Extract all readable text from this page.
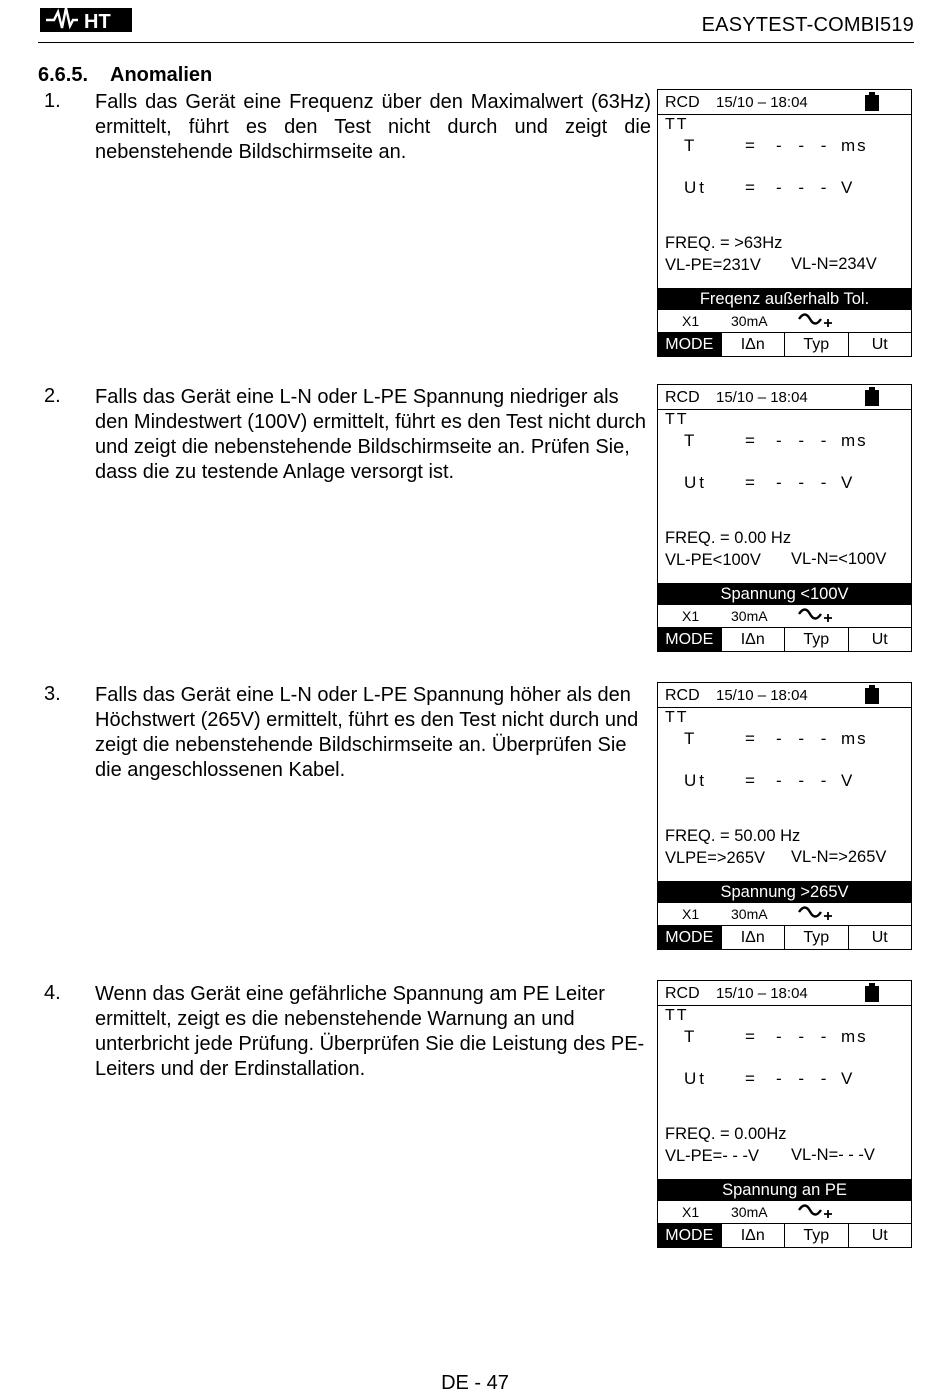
HT	EASYTEST-COMBI519
6.6.5. Anomalien
1. Falls das Gerät eine Frequenz über den Maximalwert (63Hz) ermittelt, führt es den Test nicht durch und zeigt die nebenstehende Bildschirmseite an.
RCD 15/10 – 18:04
TT
T	= - - - ms
Ut = - - - V
FREQ. = >63Hz
VL-PE=231V VL-N=234V
Freqenz außerhalb Tol.
X1 30mA
MODE	IΔn	Typ	Ut
2. Falls das Gerät eine L-N oder L-PE Spannung niedriger als den Mindestwert (100V) ermittelt, führt es den Test nicht durch und zeigt die nebenstehende Bildschirmseite an. Prüfen Sie, dass die zu testende Anlage versorgt ist.
RCD 15/10 – 18:04
TT
T	= - - - ms
Ut = - - - V
FREQ. = 0.00 Hz
VL-PE<100V VL-N=<100V
Spannung <100V
X1 30mA
MODE	IΔn	Typ	Ut
3. Falls das Gerät eine L-N oder L-PE Spannung höher als den Höchstwert (265V) ermittelt, führt es den Test nicht durch und zeigt die nebenstehende Bildschirmseite an. Überprüfen Sie die angeschlossenen Kabel.
RCD 15/10 – 18:04
TT
T	= - - - ms
Ut = - - - V
FREQ. = 50.00 Hz
VLPE=>265V VL-N=>265V
Spannung >265V
X1 30mA
MODE	IΔn	Typ	Ut
4. Wenn das Gerät eine gefährliche Spannung am PE Leiter ermittelt, zeigt es die nebenstehende Warnung an und unterbricht jede Prüfung. Überprüfen Sie die Leistung des PE-Leiters und der Erdinstallation.
RCD 15/10 – 18:04
TT
T	= - - - ms
Ut = - - - V
FREQ. = 0.00Hz
VL-PE=- - -V VL-N=- - -V
Spannung an PE
X1 30mA
MODE	IΔn	Typ	Ut
DE - 47
